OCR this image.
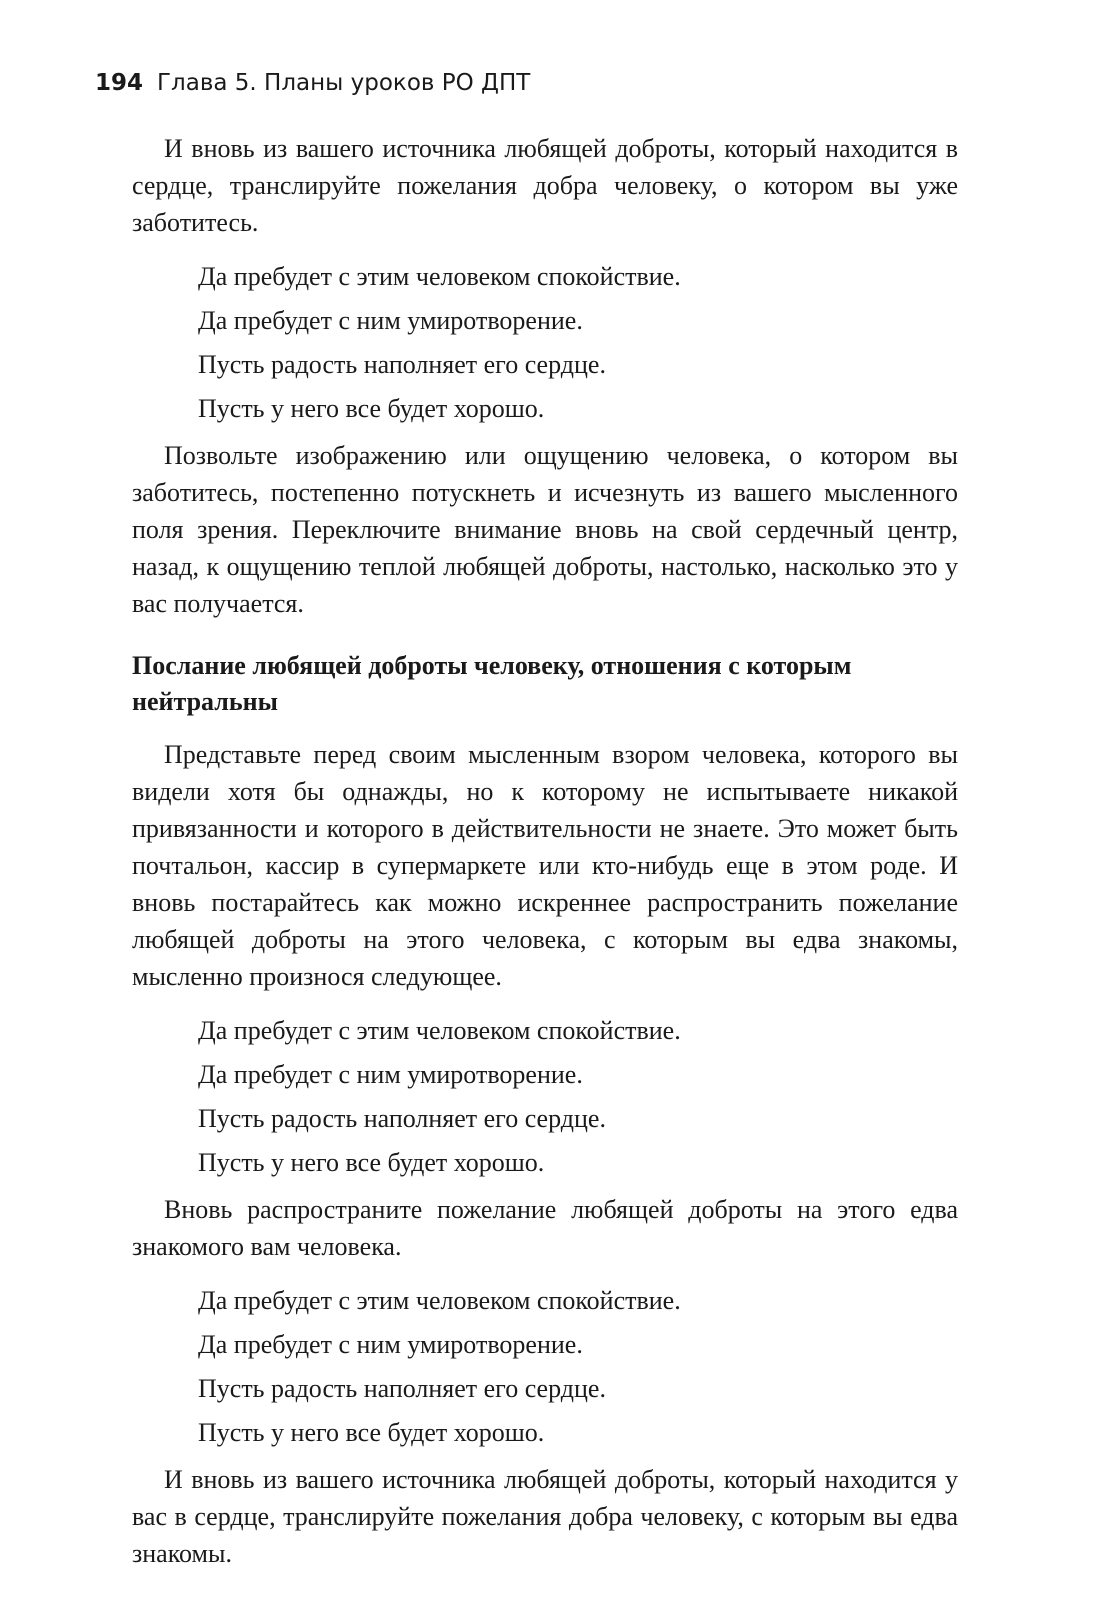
194 Глава 5. Планы уроков РО ДПТ

И вновь из вашего источника любящей доброты, который находится в сердце, транслируйте пожелания добра человеку, о котором вы уже заботитесь.

Да пребудет с этим человеком спокойствие.
Да пребудет с ним умиротворение.
Пусть радость наполняет его сердце.
Пусть у него все будет хорошо.

Позвольте изображению или ощущению человека, о котором вы заботитесь, постепенно потускнеть и исчезнуть из вашего мысленного поля зрения. Переключите внимание вновь на свой сердечный центр, назад, к ощущению теплой любящей доброты, настолько, насколько это у вас получается.

Послание любящей доброты человеку, отношения с которым нейтральны

Представьте перед своим мысленным взором человека, которого вы видели хотя бы однажды, но к которому не испытываете никакой привязанности и которого в действительности не знаете. Это может быть почтальон, кассир в супермаркете или кто-нибудь еще в этом роде. И вновь постарайтесь как можно искреннее распространить пожелание любящей доброты на этого человека, с которым вы едва знакомы, мысленно произнося следующее.

Да пребудет с этим человеком спокойствие.
Да пребудет с ним умиротворение.
Пусть радость наполняет его сердце.
Пусть у него все будет хорошо.

Вновь распространите пожелание любящей доброты на этого едва знакомого вам человека.

Да пребудет с этим человеком спокойствие.
Да пребудет с ним умиротворение.
Пусть радость наполняет его сердце.
Пусть у него все будет хорошо.

И вновь из вашего источника любящей доброты, который находится у вас в сердце, транслируйте пожелания добра человеку, с которым вы едва знакомы.
